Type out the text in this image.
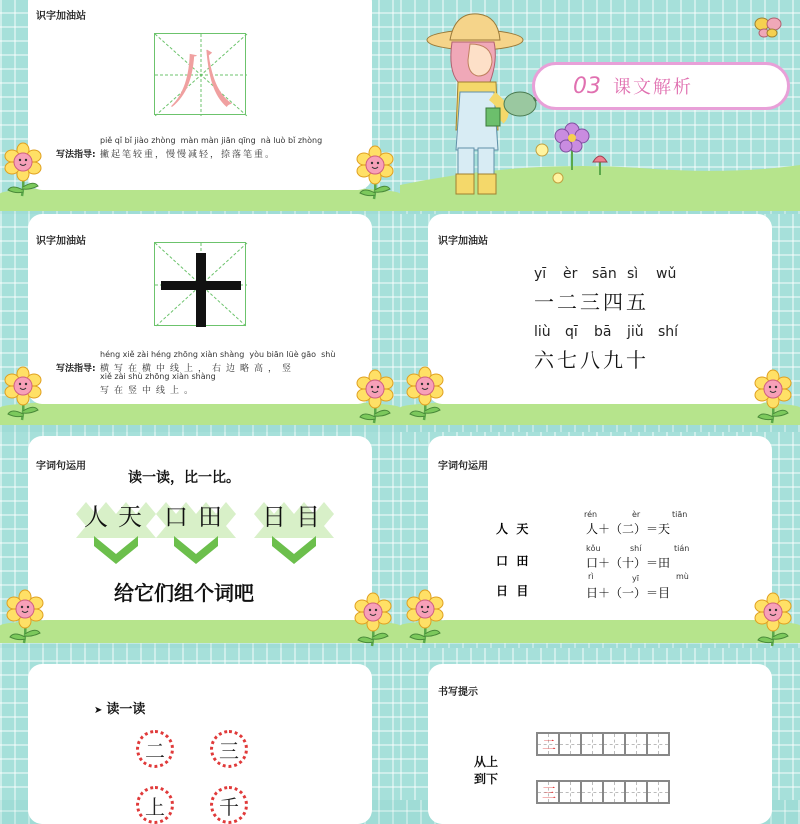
识字加油站
八
piě qǐ bǐ jiào zhòng  màn màn jiān qīng  nà luò bǐ zhòng
写法指导: 撇起笔较重，慢慢减轻，捺落笔重。
03 课文解析
识字加油站
héng xiě zài héng zhōng xiàn shàng  yòu biān lüè gāo  shù
写法指导: 横写在横中线上，右边略高，竖
xiě zài shù zhōng xiàn shàng
写在竖中线上。
识字加油站
yī	èr	sān sì	wǔ
一二三四五
liù	qī	bā	jiǔ	shí
六七八九十
字词句运用
读一读，比一比。
人 天 口 田	日 目
给它们组个词吧
字词句运用
人  天
rén	èr	tiān
人＋（二）＝天
口  田
kǒu	shí	tián
口＋（十）＝田
日  目
rì	yī	mù
日＋（一）＝目
➤ 读一读
二	三
上	千
书写提示
从上到下
二
三
